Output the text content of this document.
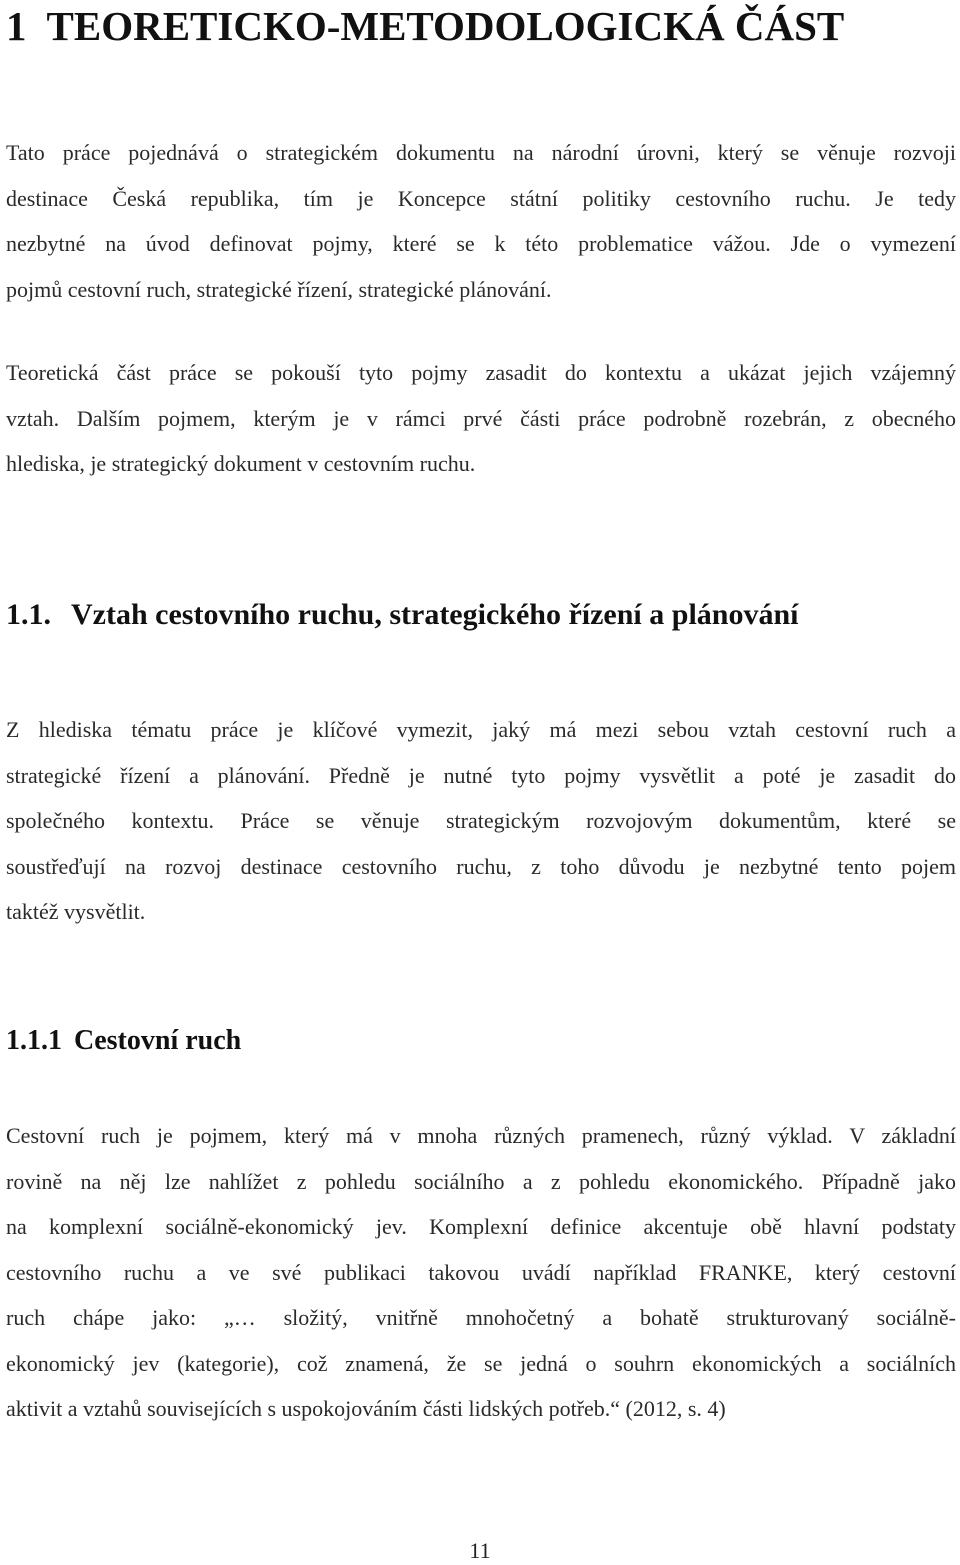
1 TEORETICKO-METODOLOGICKÁ ČÁST

Tato práce pojednává o strategickém dokumentu na národní úrovni, který se věnuje rozvoji
destinace Česká republika, tím je Koncepce státní politiky cestovního ruchu. Je tedy
nezbytné na úvod definovat pojmy, které se k této problematice vážou. Jde o vymezení
pojmů cestovní ruch, strategické řízení, strategické plánování.

Teoretická část práce se pokouší tyto pojmy zasadit do kontextu a ukázat jejich vzájemný
vztah. Dalším pojmem, kterým je v rámci prvé části práce podrobně rozebrán, z obecného
hlediska, je strategický dokument v cestovním ruchu.

1.1. Vztah cestovního ruchu, strategického řízení a plánování

Z hlediska tématu práce je klíčové vymezit, jaký má mezi sebou vztah cestovní ruch a
strategické řízení a plánování. Předně je nutné tyto pojmy vysvětlit a poté je zasadit do
společného kontextu. Práce se věnuje strategickým rozvojovým dokumentům, které se
soustřeďují na rozvoj destinace cestovního ruchu, z toho důvodu je nezbytné tento pojem
taktéž vysvětlit.

1.1.1 Cestovní ruch

Cestovní ruch je pojmem, který má v mnoha různých pramenech, různý výklad. V základní
rovině na něj lze nahlížet z pohledu sociálního a z pohledu ekonomického. Případně jako
na komplexní sociálně-ekonomický jev. Komplexní definice akcentuje obě hlavní podstaty
cestovního ruchu a ve své publikaci takovou uvádí například FRANKE, který cestovní
ruch chápe jako: „… složitý, vnitřně mnohočetný a bohatě strukturovaný sociálně-
ekonomický jev (kategorie), což znamená, že se jedná o souhrn ekonomických a sociálních
aktivit a vztahů souvisejících s uspokojováním části lidských potřeb.“ (2012, s. 4)

11
